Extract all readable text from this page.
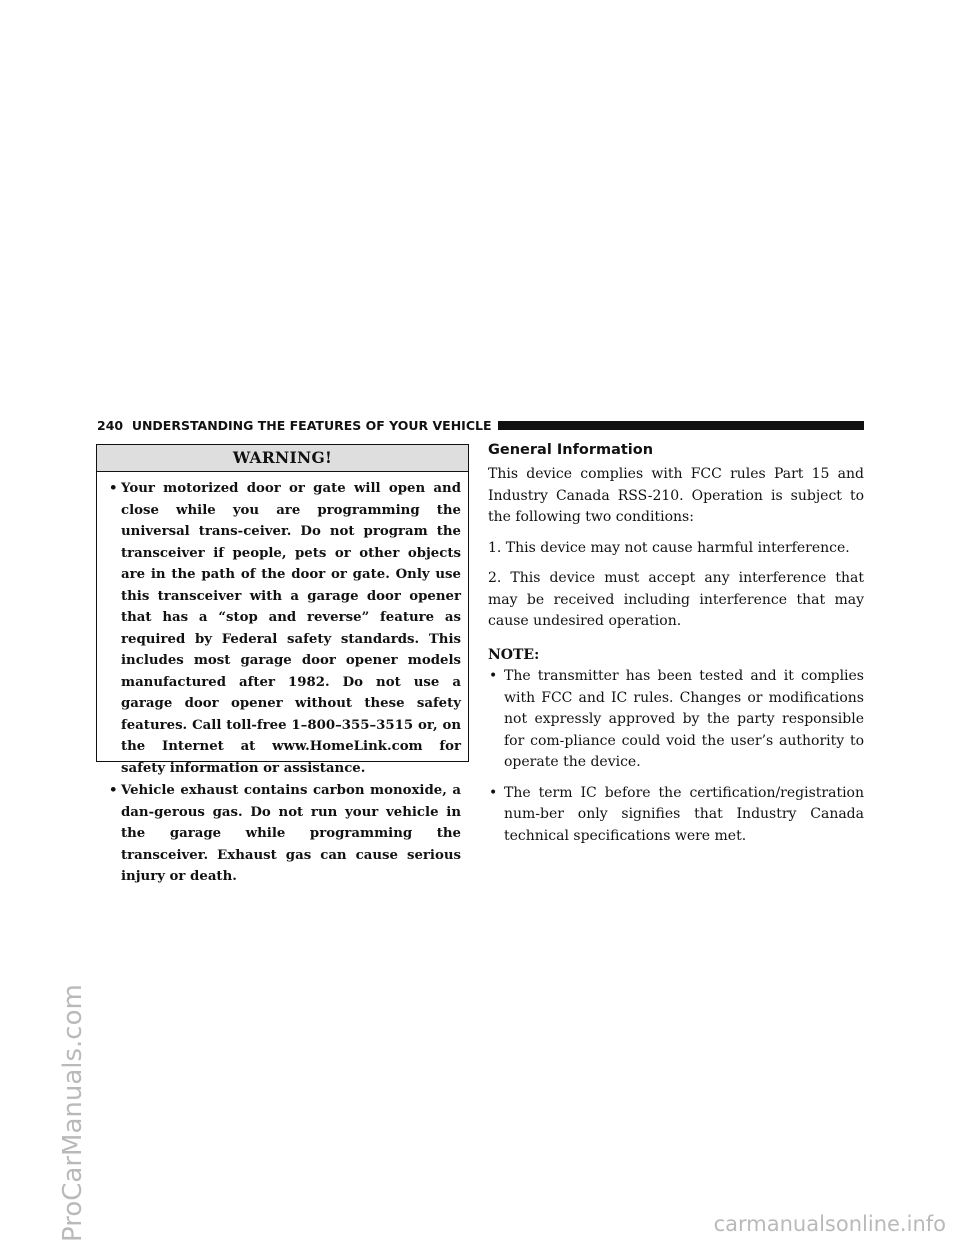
240 UNDERSTANDING THE FEATURES OF YOUR VEHICLE
WARNING!
• Your motorized door or gate will open and close while you are programming the universal trans-ceiver. Do not program the transceiver if people, pets or other objects are in the path of the door or gate. Only use this transceiver with a garage door opener that has a “stop and reverse” feature as required by Federal safety standards. This includes most garage door opener models manufactured after 1982. Do not use a garage door opener without these safety features. Call toll-free 1–800–355–3515 or, on the Internet at www.HomeLink.com for safety information or assistance.
• Vehicle exhaust contains carbon monoxide, a dan-gerous gas. Do not run your vehicle in the garage while programming the transceiver. Exhaust gas can cause serious injury or death.
General Information

This device complies with FCC rules Part 15 and Industry Canada RSS-210. Operation is subject to the following two conditions:

1. This device may not cause harmful interference.

2. This device must accept any interference that may be received including interference that may cause undesired operation.

NOTE:
• The transmitter has been tested and it complies with FCC and IC rules. Changes or modifications not expressly approved by the party responsible for com-pliance could void the user’s authority to operate the device.
• The term IC before the certification/registration num-ber only signifies that Industry Canada technical specifications were met.
ProCarManuals.com	carmanualsonline.info
